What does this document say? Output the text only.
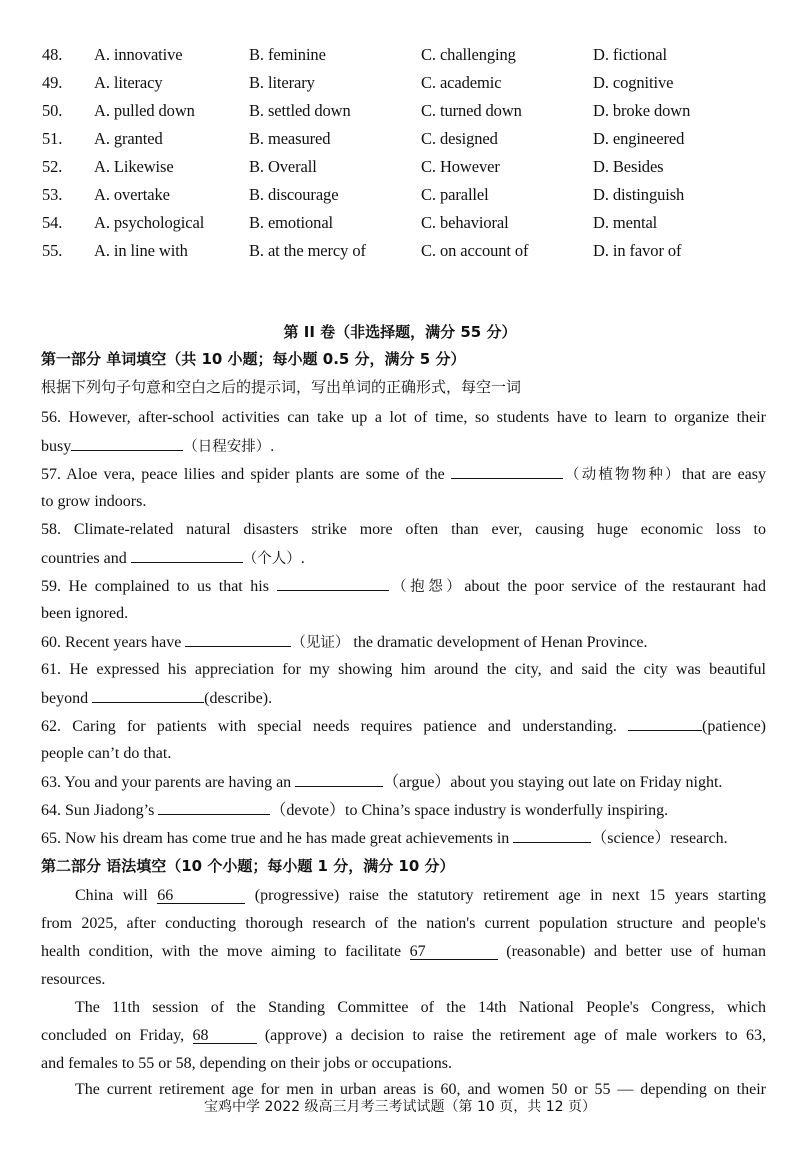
48. A. innovative	B. feminine	C. challenging	D. fictional
49. A. literacy	B. literary	C. academic	D. cognitive
50. A. pulled down	B. settled down	C. turned down	D. broke down
51. A. granted	B. measured	C. designed	D. engineered
52. A. Likewise	B. Overall	C. However	D. Besides
53. A. overtake	B. discourage	C. parallel	D. distinguish
54. A. psychological	B. emotional	C. behavioral	D. mental
55. A. in line with	B. at the mercy of	C. on account of	D. in favor of
第 II 卷（非选择题，满分 55 分）
第一部分 单词填空（共 10 小题；每小题 0.5 分，满分 5 分）
根据下列句子句意和空白之后的提示词，写出单词的正确形式，每空一词
56. However, after-school activities can take up a lot of time, so students have to learn to organize their
busy	（日程安排）.
57. Aloe vera, peace lilies and spider plants are some of the	（动植物物种）that are easy
to grow indoors.
58. Climate-related natural disasters strike more often than ever, causing huge economic loss to
countries and	（个人）.
59. He complained to us that his	（抱怨）about the poor service of the restaurant had
been ignored.
60. Recent years have	（见证） the dramatic development of Henan Province.
61. He expressed his appreciation for my showing him around the city, and said the city was beautiful
beyond	(describe).
62. Caring for patients with special needs requires patience and understanding.	(patience)
people can’t do that.
63. You and your parents are having an	（argue）about you staying out late on Friday night.
64. Sun Jiadong’s	（devote）to China’s space industry is wonderfully inspiring.
65. Now his dream has come true and he has made great achievements in	（science）research.
第二部分 语法填空（10 个小题；每小题 1 分，满分 10 分）
China will 66	(progressive) raise the statutory retirement age in next 15 years starting
from 2025, after conducting thorough research of the nation's current population structure and people's
health condition, with the move aiming to facilitate 67	(reasonable) and better use of human
resources.
The 11th session of the Standing Committee of the 14th National People's Congress, which
concluded on Friday, 68	(approve) a decision to raise the retirement age of male workers to 63,
and females to 55 or 58, depending on their jobs or occupations.
The current retirement age for men in urban areas is 60, and women 50 or 55 — depending on their
宝鸡中学 2022 级高三月考三考试试题（第 10 页，共 12 页）
